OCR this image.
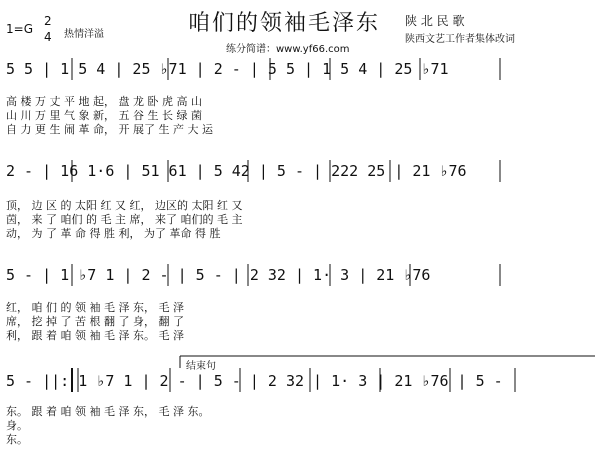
1=G
2
4 热情洋溢	咱们的领袖毛泽东
练分简谱：www.yf66.com
陕 北 民 歌
陕西文艺工作者集体改词
5 5 | 1 5 4 | 25 ♭71 | 2 - | 5 5 | 1 5 4 | 25 ♭71
高 楼 万 丈 平 地 起， 盘 龙 卧 虎 高 山
山 川 万 里 气 象 新， 五 谷 生 长 绿 菌
自 力 更 生 闹 革 命， 开 展了 生 产 大 运
2 - | 16 1·6 | 51 61 | 5 42 | 5 - | 222 25 | 21 ♭76
顶， 边 区 的 太阳 红 又 红， 边区的 太阳 红 又
茵， 来 了 咱们 的 毛 主 席， 来了 咱们的 毛 主
动， 为 了 革 命 得 胜 利， 为了 革命 得 胜
5 - | 1 ♭7 1 | 2 - | 5 - | 2 32 | 1· 3 | 21 ♭76
红， 咱 们 的 领 袖 毛 泽 东， 毛 泽
席， 挖 掉 了 苦 根 翻 了 身， 翻 了
利， 跟 着 咱 领 袖 毛 泽 东。 毛 泽
结束句
5 - ||: 1 ♭7 1 | 2 - | 5 - | 2 32 | 1· 3 | 21 ♭76 | 5 -
东。 跟 着 咱 领 袖 毛 泽 东， 毛 泽 东。
身。
东。
